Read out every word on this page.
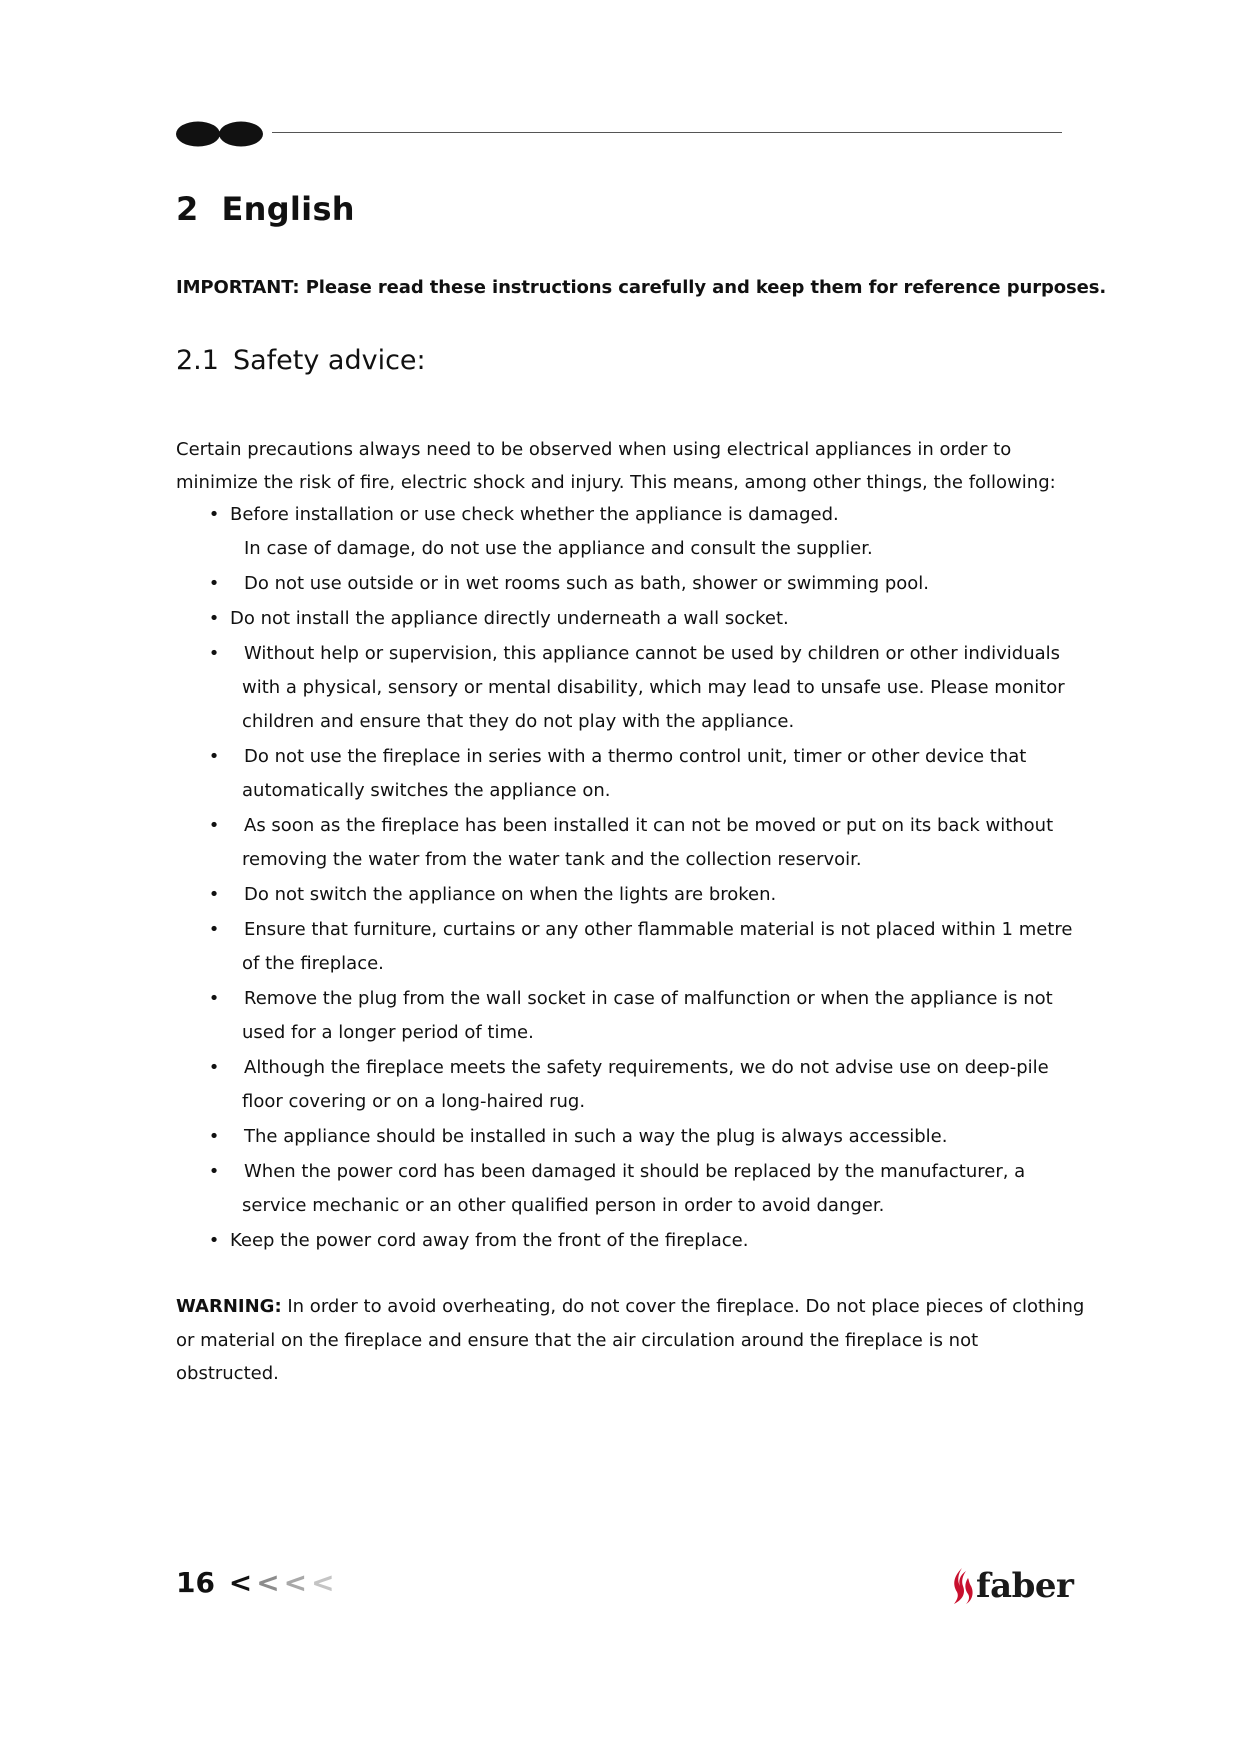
2 English

IMPORTANT: Please read these instructions carefully and keep them for reference purposes.

2.1 Safety advice:

Certain precautions always need to be observed when using electrical appliances in order to
minimize the risk of fire, electric shock and injury. This means, among other things, the following:

• Before installation or use check whether the appliance is damaged.
In case of damage, do not use the appliance and consult the supplier.
• Do not use outside or in wet rooms such as bath, shower or swimming pool.
• Do not install the appliance directly underneath a wall socket.
• Without help or supervision, this appliance cannot be used by children or other individuals
with a physical, sensory or mental disability, which may lead to unsafe use. Please monitor
children and ensure that they do not play with the appliance.
• Do not use the fireplace in series with a thermo control unit, timer or other device that
automatically switches the appliance on.
• As soon as the fireplace has been installed it can not be moved or put on its back without
removing the water from the water tank and the collection reservoir.
• Do not switch the appliance on when the lights are broken.
• Ensure that furniture, curtains or any other flammable material is not placed within 1 metre
of the fireplace.
• Remove the plug from the wall socket in case of malfunction or when the appliance is not
used for a longer period of time.
• Although the fireplace meets the safety requirements, we do not advise use on deep-pile
floor covering or on a long-haired rug.
• The appliance should be installed in such a way the plug is always accessible.
• When the power cord has been damaged it should be replaced by the manufacturer, a
service mechanic or an other qualified person in order to avoid danger.
• Keep the power cord away from the front of the fireplace.

WARNING: In order to avoid overheating, do not cover the fireplace. Do not place pieces of clothing
or material on the fireplace and ensure that the air circulation around the fireplace is not
obstructed.

16 < < < <	faber
